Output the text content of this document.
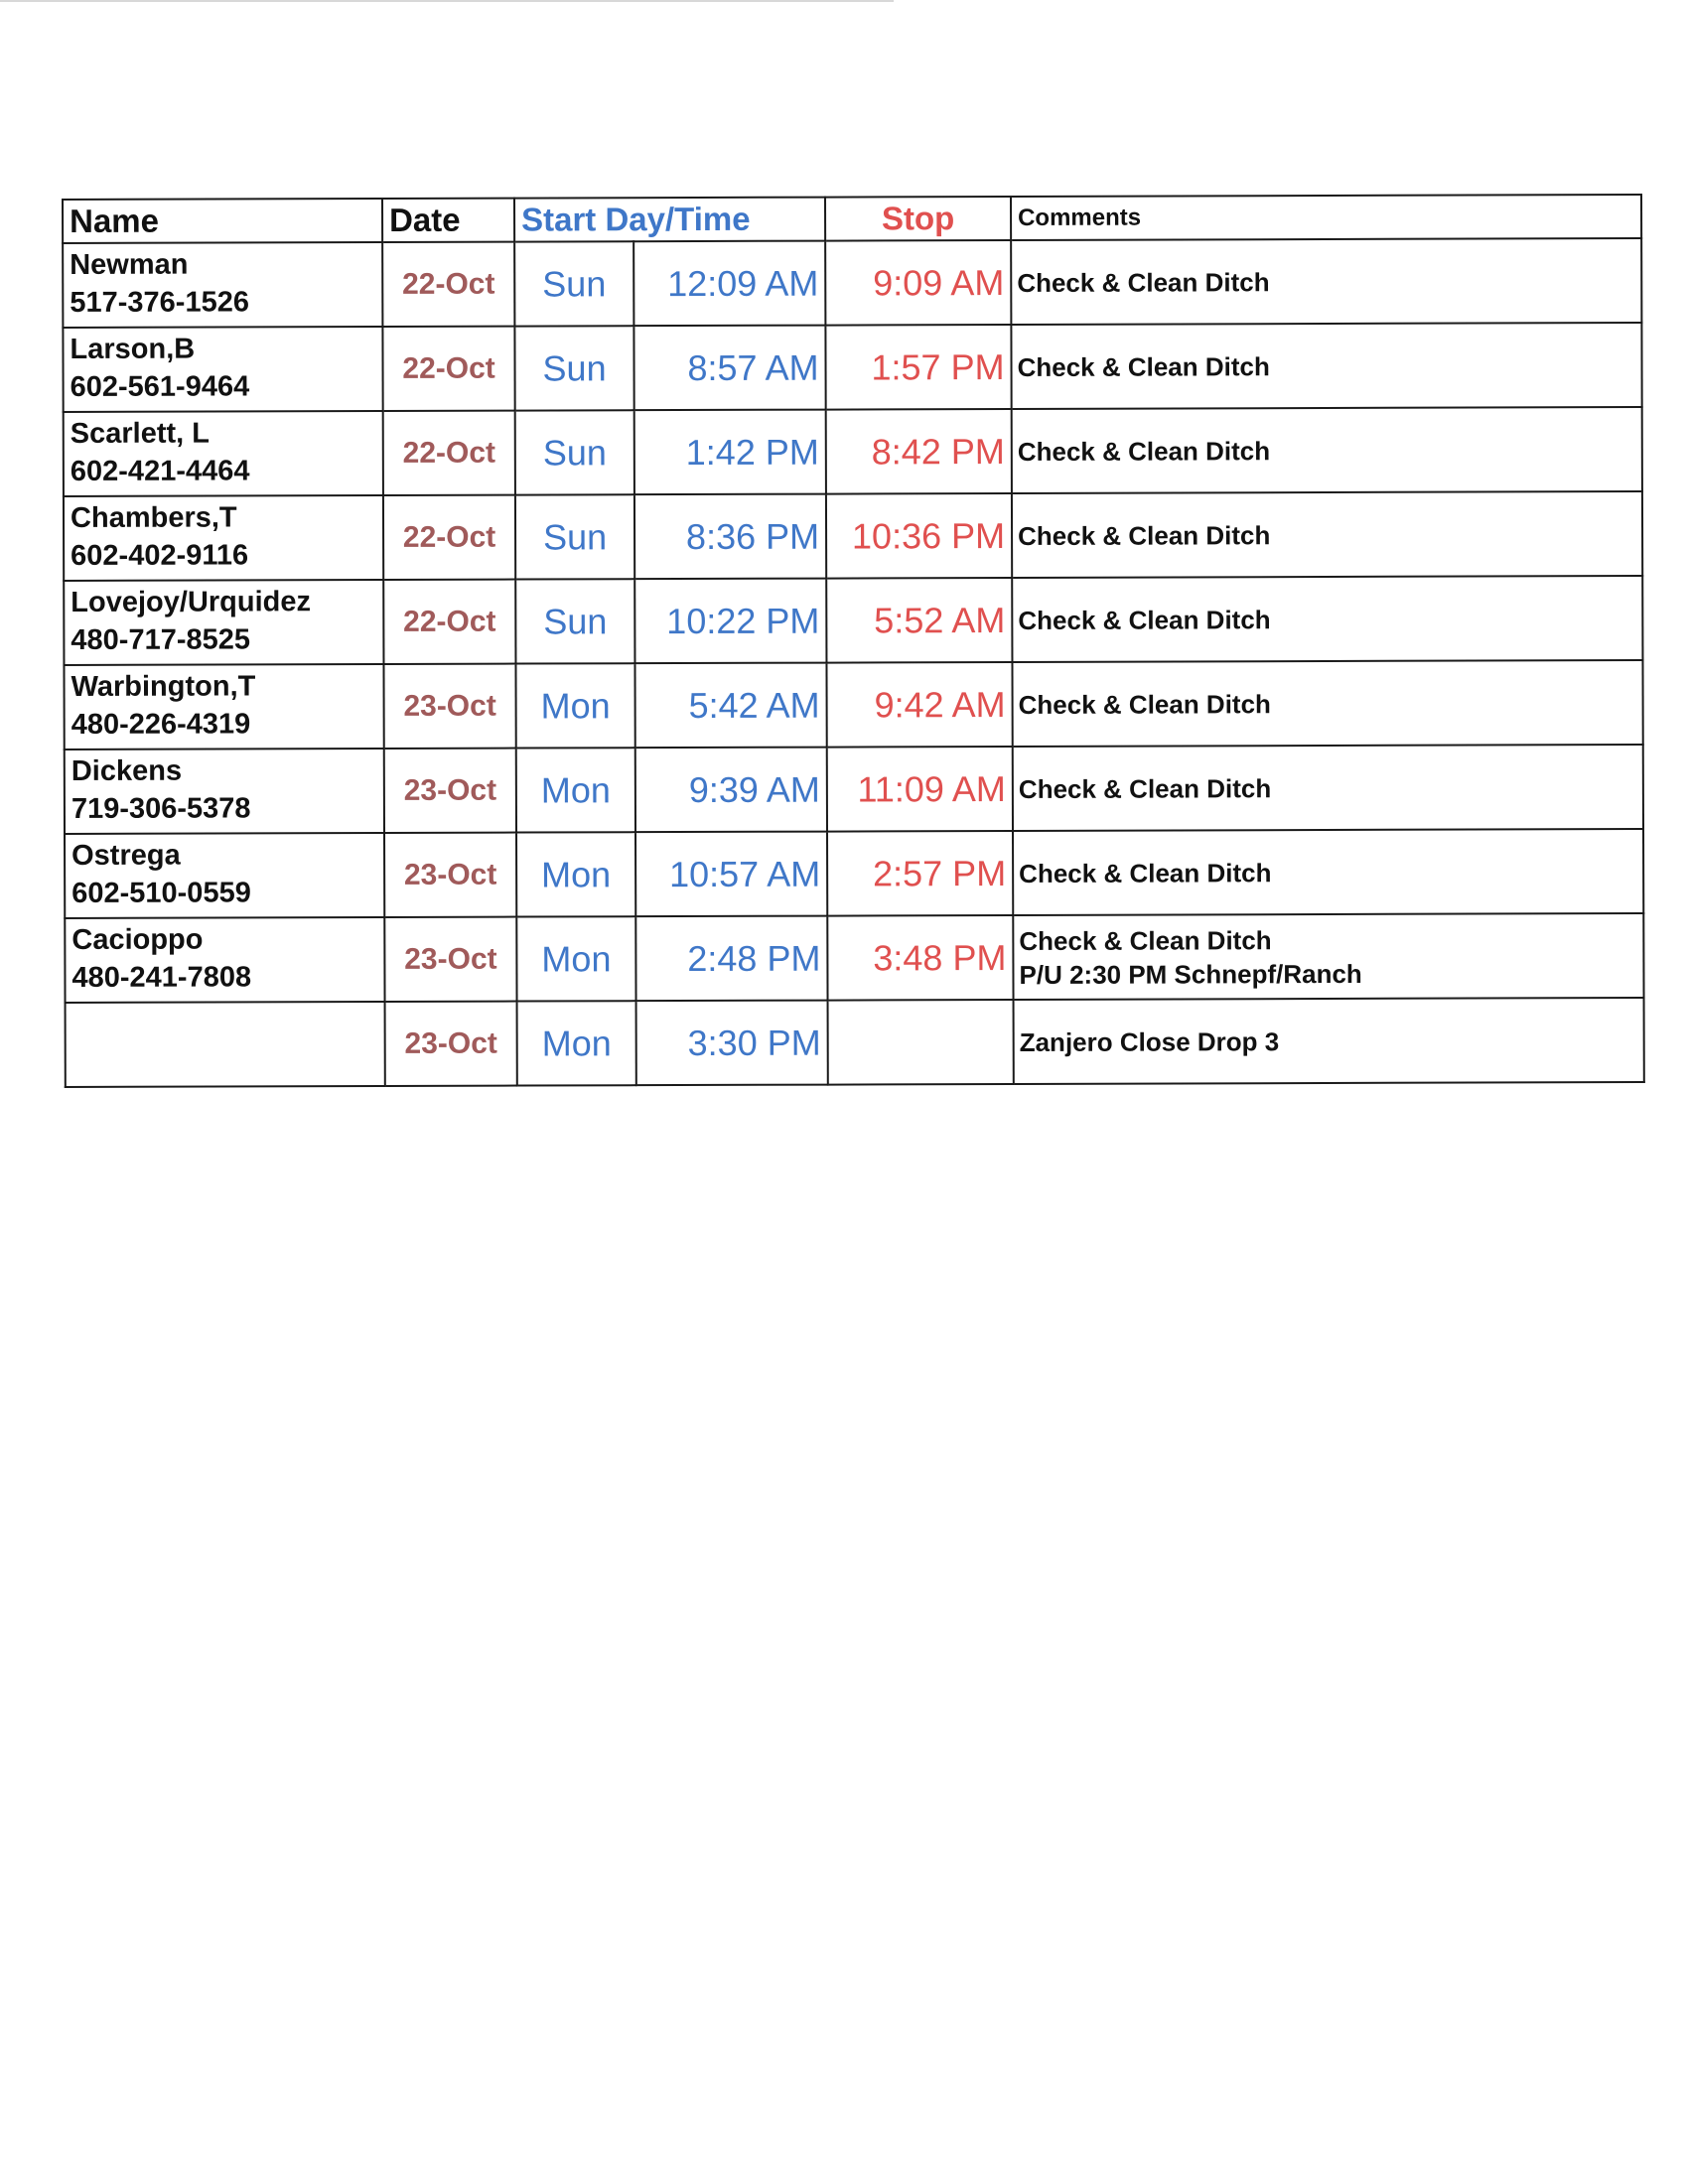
Name	Date	Start Day/Time		Stop	Comments

Newman
517-376-1526	22-Oct	Sun	12:09 AM	9:09 AM	Check & Clean Ditch

Larson,B
602-561-9464	22-Oct	Sun	8:57 AM	1:57 PM	Check & Clean Ditch

Scarlett, L
602-421-4464	22-Oct	Sun	1:42 PM	8:42 PM	Check & Clean Ditch

Chambers,T
602-402-9116	22-Oct	Sun	8:36 PM	10:36 PM	Check & Clean Ditch

Lovejoy/Urquidez
480-717-8525	22-Oct	Sun	10:22 PM	5:52 AM	Check & Clean Ditch

Warbington,T
480-226-4319	23-Oct	Mon	5:42 AM	9:42 AM	Check & Clean Ditch

Dickens
719-306-5378	23-Oct	Mon	9:39 AM	11:09 AM	Check & Clean Ditch

Ostrega
602-510-0559	23-Oct	Mon	10:57 AM	2:57 PM	Check & Clean Ditch

Cacioppo
480-241-7808	23-Oct	Mon	2:48 PM	3:48 PM	Check & Clean Ditch
P/U 2:30 PM Schnepf/Ranch

	23-Oct	Mon	3:30 PM		Zanjero Close Drop 3
